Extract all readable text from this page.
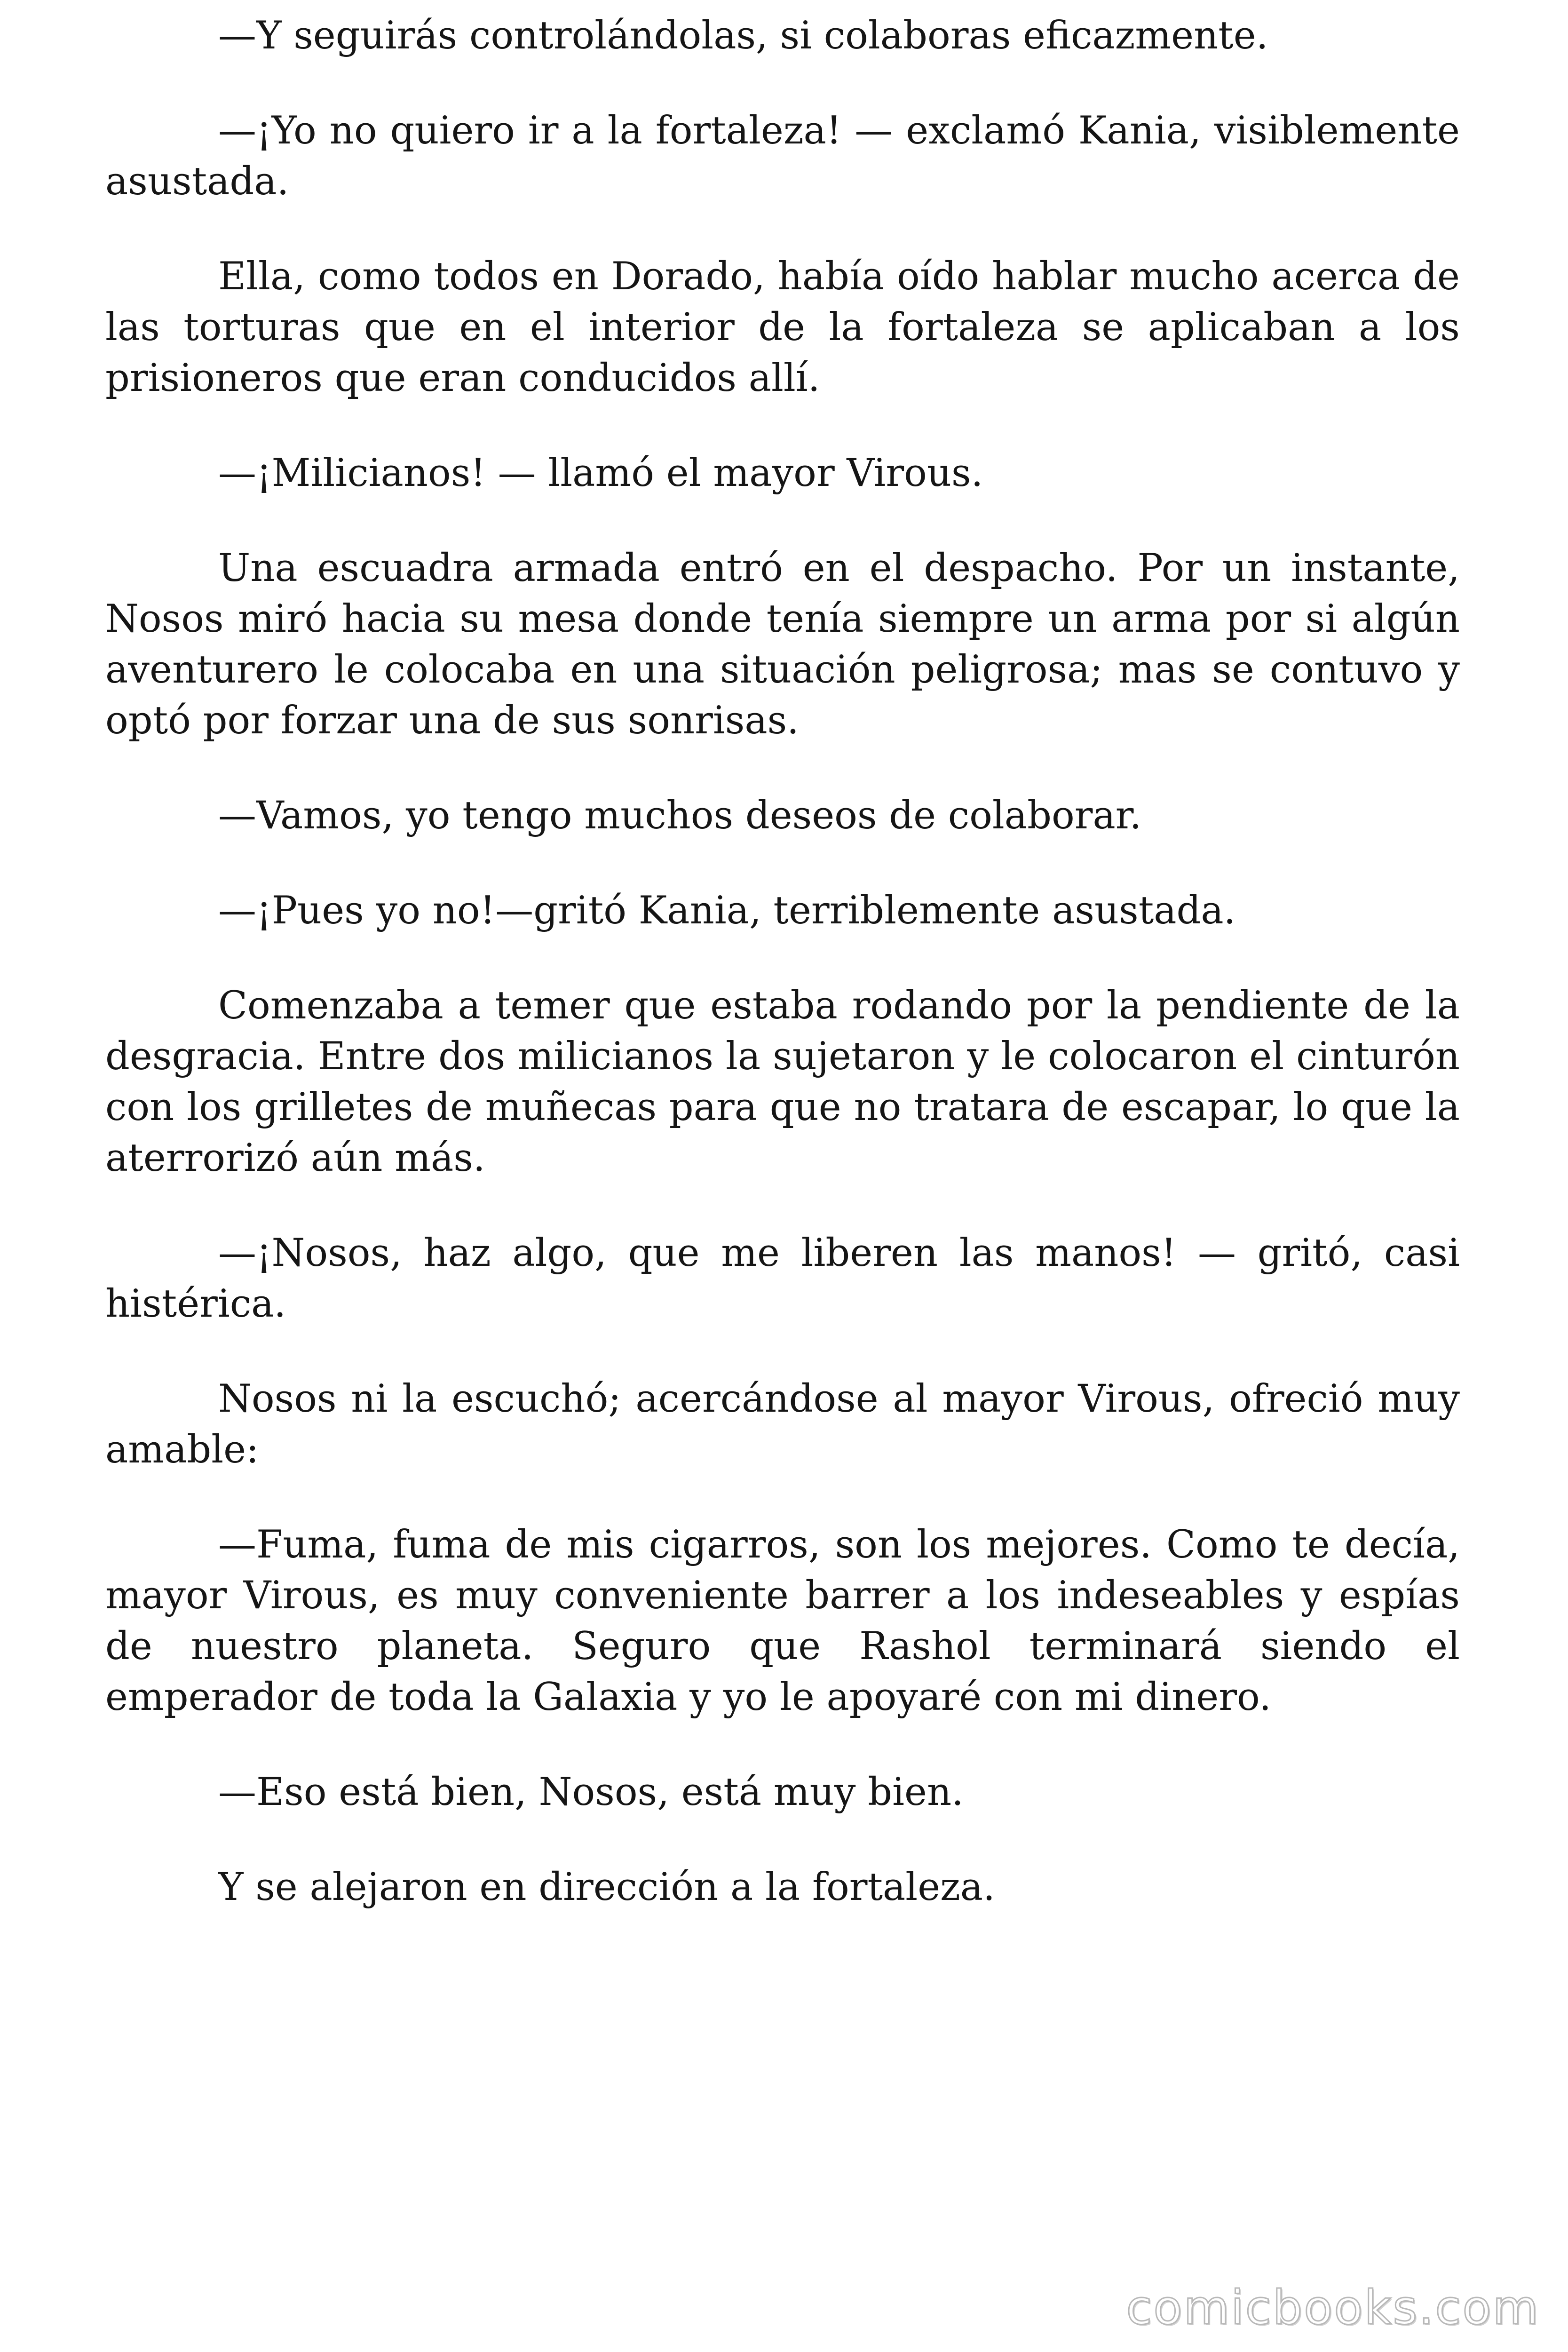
—Y seguirás controlándolas, si colaboras eficazmente.

—¡Yo no quiero ir a la fortaleza! — exclamó Kania, visiblemente asustada.

Ella, como todos en Dorado, había oído hablar mucho acerca de las torturas que en el interior de la fortaleza se aplicaban a los prisioneros que eran conducidos allí.

—¡Milicianos! — llamó el mayor Virous.

Una escuadra armada entró en el despacho. Por un instante, Nosos miró hacia su mesa donde tenía siempre un arma por si algún aventurero le colocaba en una situación peligrosa; mas se contuvo y optó por forzar una de sus sonrisas.

—Vamos, yo tengo muchos deseos de colaborar.

—¡Pues yo no!—gritó Kania, terriblemente asustada.

Comenzaba a temer que estaba rodando por la pendiente de la desgracia. Entre dos milicianos la sujetaron y le colocaron el cinturón con los grilletes de muñecas para que no tratara de escapar, lo que la aterrorizó aún más.

—¡Nosos, haz algo, que me liberen las manos! — gritó, casi histérica.

Nosos ni la escuchó; acercándose al mayor Virous, ofreció muy amable:

—Fuma, fuma de mis cigarros, son los mejores. Como te decía, mayor Virous, es muy conveniente barrer a los indeseables y espías de nuestro planeta. Seguro que Rashol terminará siendo el emperador de toda la Galaxia y yo le apoyaré con mi dinero.

—Eso está bien, Nosos, está muy bien.

Y se alejaron en dirección a la fortaleza.

comicbooks.com
